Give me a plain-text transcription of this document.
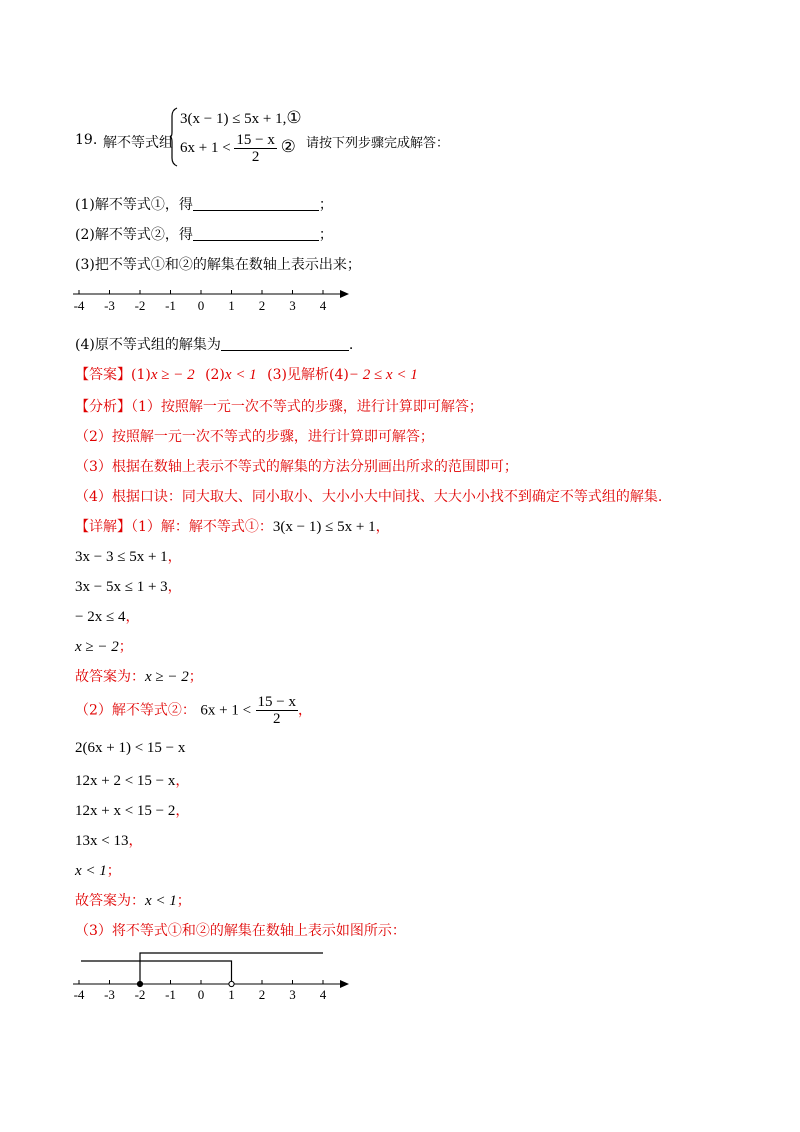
19. 解不等式组
3(x − 1) ≤ 5x + 1,①
$6x + 1 < \frac{15 - x}{2}$ ② 请按下列步骤完成解答：
(1)解不等式①，得	；
(2)解不等式②，得	；
(3)把不等式①和②的解集在数轴上表示出来；
-4 -3 -2 -1 0 1 2 3 4
(4)原不等式组的解集为	.
【答案】(1)x ≥ − 2 (2)x < 1 (3)见解析(4)− 2 ≤ x < 1
【分析】（1）按照解一元一次不等式的步骤，进行计算即可解答；
（2）按照解一元一次不等式的步骤，进行计算即可解答；
（3）根据在数轴上表示不等式的解集的方法分别画出所求的范围即可；
（4）根据口诀：同大取大、同小取小、大小小大中间找、大大小小找不到确定不等式组的解集.
【详解】（1）解：解不等式①：3(x − 1) ≤ 5x + 1，
3x − 3 ≤ 5x + 1，
3x − 5x ≤ 1 + 3，
− 2x ≤ 4，
x ≥ − 2；
故答案为：x ≥ − 2；
（2）解不等式②： $6x + 1 < \frac{15 - x}{2}$ ，
2(6x + 1) < 15 − x
12x + 2 < 15 − x，
12x + x < 15 − 2，
13x < 13，
x < 1；
故答案为：x < 1；
（3）将不等式①和②的解集在数轴上表示如图所示：
-4 -3 -2 -1 0 1 2 3 4
